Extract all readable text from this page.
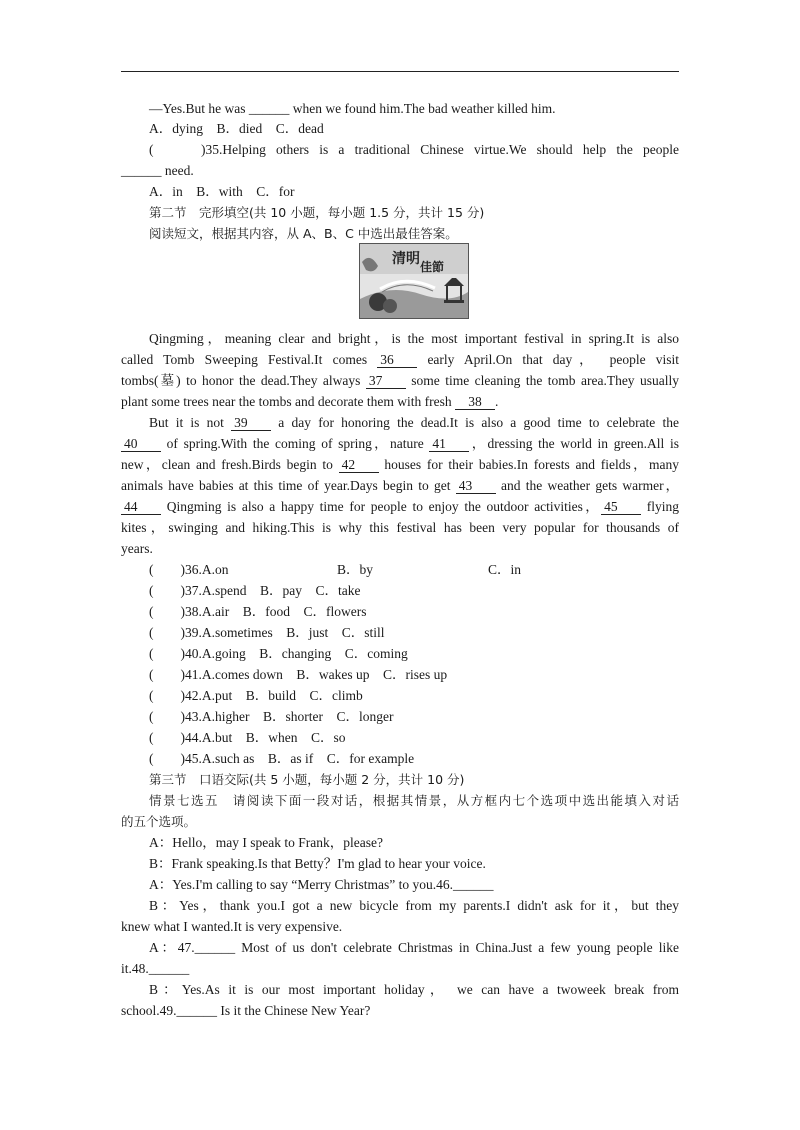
—Yes.But he was ______ when we found him.The bad weather killed him.
A．dying　B．died　C．dead
(　　)35.Helping others is a traditional Chinese virtue.We should help the people
______ need.
A．in　B．with　C．for
第二节　完形填空(共 10 小题，每小题 1.5 分，共计 15 分)
阅读短文，根据其内容，从 A、B、C 中选出最佳答案。
清明 佳節
Qingming，meaning clear and bright，is the most important festival in spring.It is also
called Tomb Sweeping Festival.It comes 36 early April.On that day， people visit
tombs(墓) to honor the dead.They always 37 some time cleaning the tomb area.They usually
plant some trees near the tombs and decorate them with fresh 38 .
But it is not 39 a day for honoring the dead.It is also a good time to celebrate the
40 of spring.With the coming of spring，nature 41 ，dressing the world in green.All is
new，clean and fresh.Birds begin to 42 houses for their babies.In forests and fields，many
animals have babies at this time of year.Days begin to get 43 and the weather gets warmer，
44 Qingming is also a happy time for people to enjoy the outdoor activities， 45 flying
kites，swinging and hiking.This is why this festival has been very popular for thousands of
years.
(　　)36.A.on	B．by	C．in
(　　)37.A.spend　B．pay　C．take
(　　)38.A.air　B．food　C．flowers
(　　)39.A.sometimes　B．just　C．still
(　　)40.A.going　B．changing　C．coming
(　　)41.A.comes down　B．wakes up　C．rises up
(　　)42.A.put　B．build　C．climb
(　　)43.A.higher　B．shorter　C．longer
(　　)44.A.but　B．when　C．so
(　　)45.A.such as　B．as if　C．for example
第三节　口语交际(共 5 小题，每小题 2 分，共计 10 分)
情景七选五　请阅读下面一段对话，根据其情景，从方框内七个选项中选出能填入对话
的五个选项。
A：Hello，may I speak to Frank，please?
B：Frank speaking.Is that Betty？I'm glad to hear your voice.
A：Yes.I'm calling to say “Merry Christmas” to you.46.______
B：Yes，thank you.I got a new bicycle from my parents.I didn't ask for it，but they
knew what I wanted.It is very expensive.
A：47.______ Most of us don't celebrate Christmas in China.Just a few young people like
it.48.______
B：Yes.As it is our most important holiday， we can have a twoweek break from
school.49.______ Is it the Chinese New Year?
